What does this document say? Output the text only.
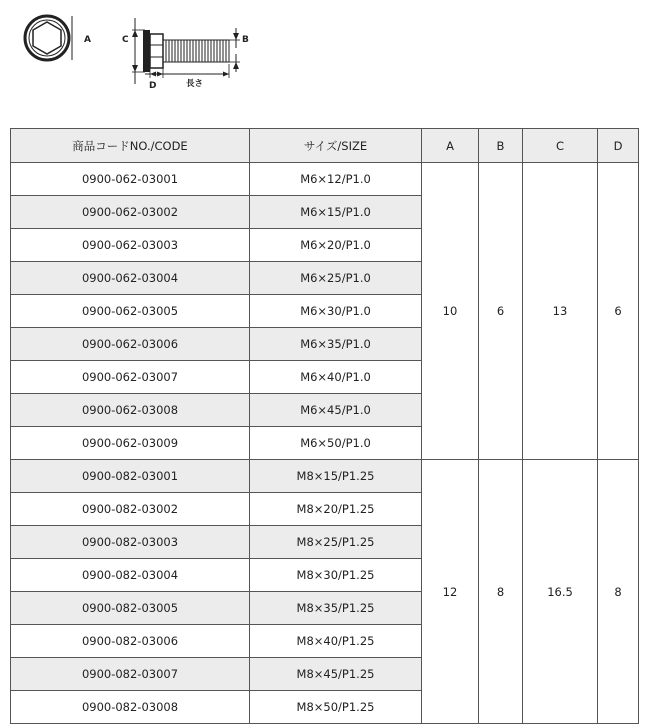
A	C	B
D	長さ
商品コードNO./CODE	サイズ/SIZE	A	B	C	D
0900-062-03001	M6×12/P1.0	10	6	13	6
0900-062-03002	M6×15/P1.0				
0900-062-03003	M6×20/P1.0				
0900-062-03004	M6×25/P1.0				
0900-062-03005	M6×30/P1.0				
0900-062-03006	M6×35/P1.0				
0900-062-03007	M6×40/P1.0				
0900-062-03008	M6×45/P1.0				
0900-062-03009	M6×50/P1.0				
0900-082-03001	M8×15/P1.25	12	8	16.5	8
0900-082-03002	M8×20/P1.25				
0900-082-03003	M8×25/P1.25				
0900-082-03004	M8×30/P1.25				
0900-082-03005	M8×35/P1.25				
0900-082-03006	M8×40/P1.25				
0900-082-03007	M8×45/P1.25				
0900-082-03008	M8×50/P1.25				
